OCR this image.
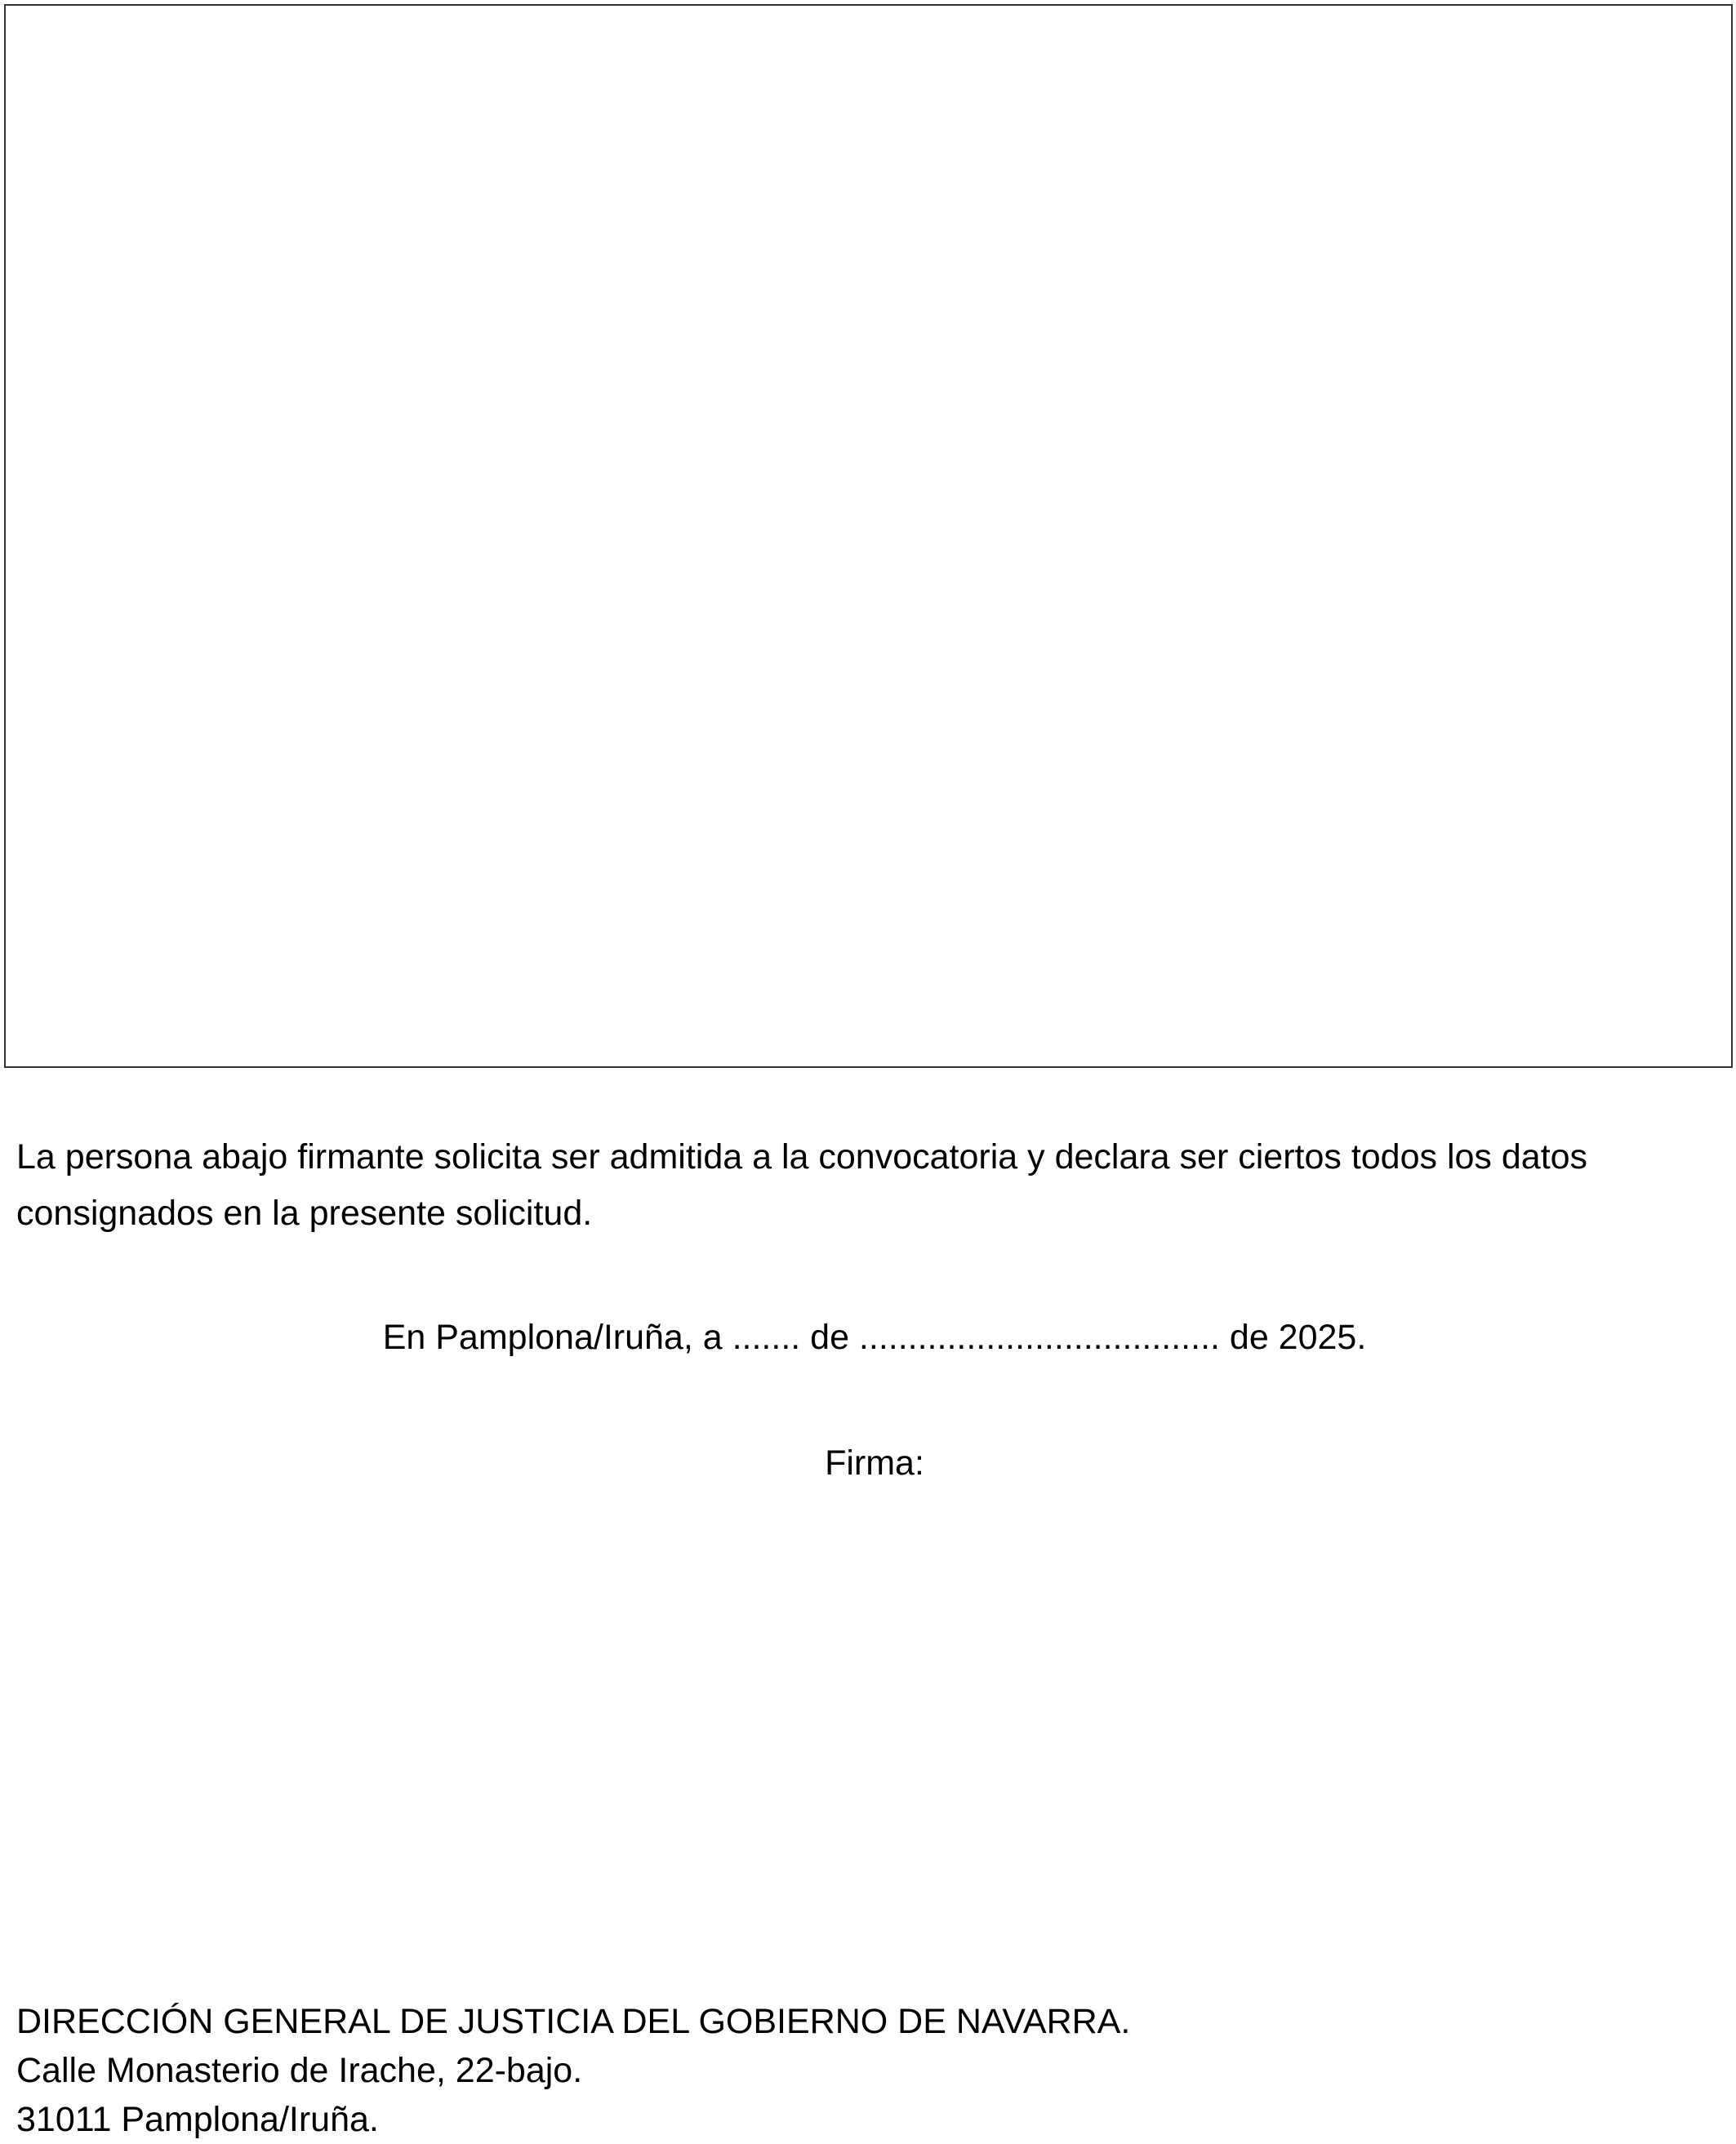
La persona abajo firmante solicita ser admitida a la convocatoria y declara ser ciertos todos los datos consignados en la presente solicitud.

En Pamplona/Iruña, a ....... de ..................................... de 2025.
Firma:
DIRECCIÓN GENERAL DE JUSTICIA DEL GOBIERNO DE NAVARRA.
Calle Monasterio de Irache, 22-bajo.
31011 Pamplona/Iruña.
